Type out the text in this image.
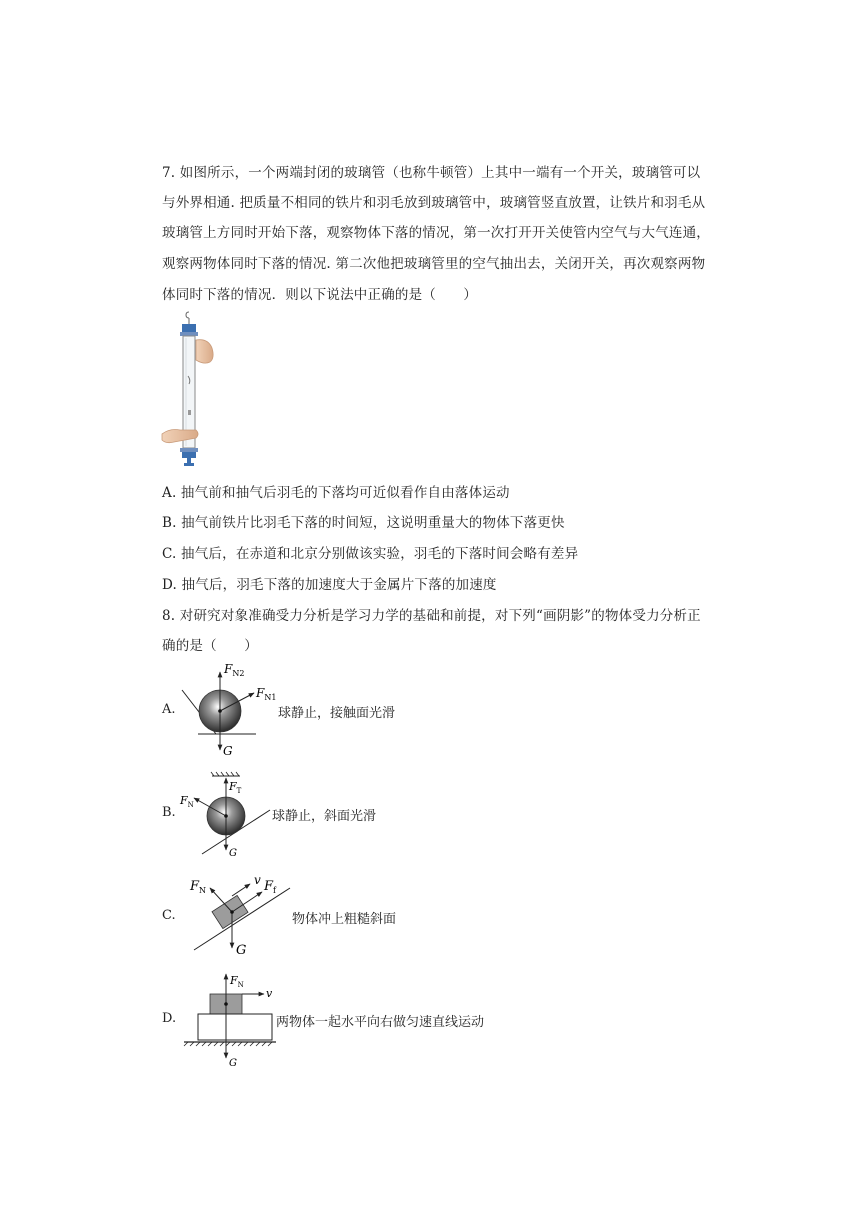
7. 如图所示，一个两端封闭的玻璃管（也称牛顿管）上其中一端有一个开关，玻璃管可以
与外界相通. 把质量不相同的铁片和羽毛放到玻璃管中，玻璃管竖直放置，让铁片和羽毛从
玻璃管上方同时开始下落，观察物体下落的情况，第一次打开开关使管内空气与大气连通，
观察两物体同时下落的情况. 第二次他把玻璃管里的空气抽出去，关闭开关，再次观察两物
体同时下落的情况．则以下说法中正确的是（　　）
A. 抽气前和抽气后羽毛的下落均可近似看作自由落体运动
B. 抽气前铁片比羽毛下落的时间短，这说明重量大的物体下落更快
C. 抽气后，在赤道和北京分别做该实验，羽毛的下落时间会略有差异
D. 抽气后，羽毛下落的加速度大于金属片下落的加速度
8. 对研究对象准确受力分析是学习力学的基础和前提，对下列“画阴影”的物体受力分析正
确的是（　　）
A.
$F_{N2}$
$F_{N1}$
G
球静止，接触面光滑
B.
$F_T$
$F_N$
G
球静止，斜面光滑
C.
$F_N$
v $F_f$
G
物体冲上粗糙斜面
D.
$F_N$
v
G
两物体一起水平向右做匀速直线运动
